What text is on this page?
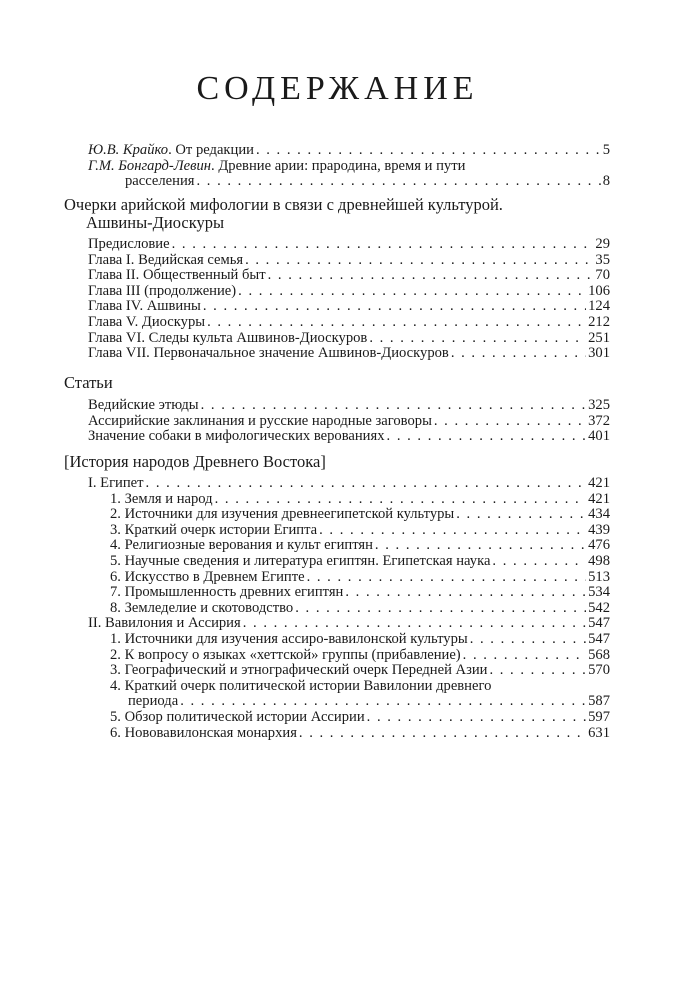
СОДЕРЖАНИЕ
Ю.В. Крайко. От редакции . . .	5
Г.М. Бонгард-Левин. Древние арии: прародина, время и пути
расселения . . .	8
Очерки арийской мифологии в связи с древнейшей культурой.
Ашвины-Диоскуры
Предисловие . . .	29
Глава I. Ведийская семья . . .	35
Глава II. Общественный быт . . .	70
Глава III (продолжение) . . .	106
Глава IV. Ашвины . . .	124
Глава V. Диоскуры . . .	212
Глава VI. Следы культа Ашвинов-Диоскуров . . .	251
Глава VII. Первоначальное значение Ашвинов-Диоскуров . . .	301
Статьи
Ведийские этюды . . .	325
Ассирийские заклинания и русские народные заговоры . . .	372
Значение собаки в мифологических верованиях . . .	401
[История народов Древнего Востока]
I. Египет . . .	421
1. Земля и народ . . .	421
2. Источники для изучения древнеегипетской культуры . . .	434
3. Краткий очерк истории Египта . . .	439
4. Религиозные верования и культ египтян . . .	476
5. Научные сведения и литература египтян. Египетская наука . . .	498
6. Искусство в Древнем Египте . . .	513
7. Промышленность древних египтян . . .	534
8. Земледелие и скотоводство . . .	542
II. Вавилония и Ассирия . . .	547
1. Источники для изучения ассиро-вавилонской культуры . . .	547
2. К вопросу о языках «хеттской» группы (прибавление) . . .	568
3. Географический и этнографический очерк Передней Азии . . .	570
4. Краткий очерк политической истории Вавилонии древнего
периода . . .	587
5. Обзор политической истории Ассирии . . .	597
6. Нововавилонская монархия . . .	631
